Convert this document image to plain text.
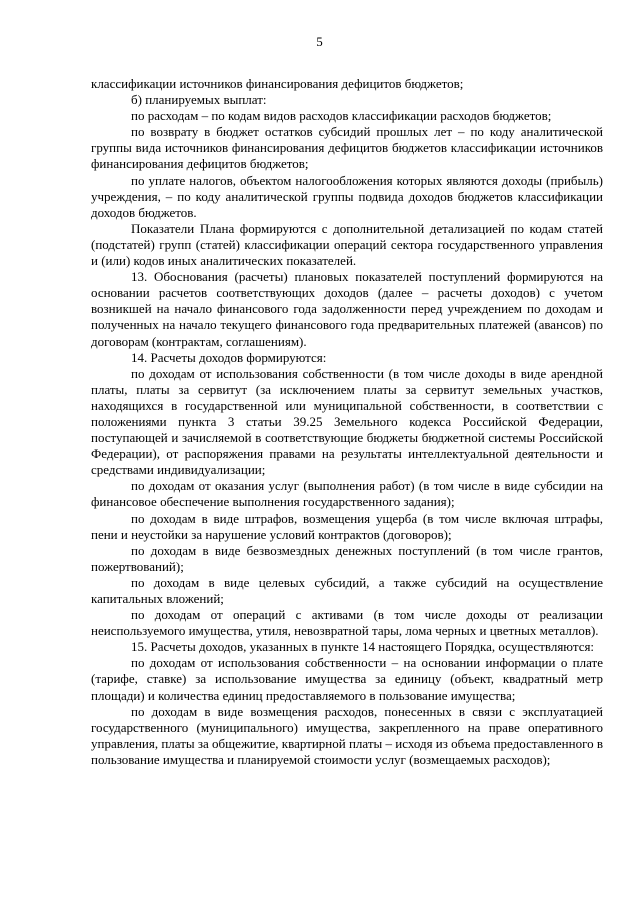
5

классификации источников финансирования дефицитов бюджетов;

б) планируемых выплат:

по расходам – по кодам видов расходов классификации расходов бюджетов;

по возврату в бюджет остатков субсидий прошлых лет – по коду аналитической группы вида источников финансирования дефицитов бюджетов классификации источников финансирования дефицитов бюджетов;

по уплате налогов, объектом налогообложения которых являются доходы (прибыль) учреждения, – по коду аналитической группы подвида доходов бюджетов классификации доходов бюджетов.

Показатели Плана формируются с дополнительной детализацией по кодам статей (подстатей) групп (статей) классификации операций сектора государственного управления и (или) кодов иных аналитических показателей.

13. Обоснования (расчеты) плановых показателей поступлений формируются на основании расчетов соответствующих доходов (далее – расчеты доходов) с учетом возникшей на начало финансового года задолженности перед учреждением по доходам и полученных на начало текущего финансового года предварительных платежей (авансов) по договорам (контрактам, соглашениям).

14. Расчеты доходов формируются:

по доходам от использования собственности (в том числе доходы в виде арендной платы, платы за сервитут (за исключением платы за сервитут земельных участков, находящихся в государственной или муниципальной собственности, в соответствии с положениями пункта 3 статьи 39.25 Земельного кодекса Российской Федерации, поступающей и зачисляемой в соответствующие бюджеты бюджетной системы Российской Федерации), от распоряжения правами на результаты интеллектуальной деятельности и средствами индивидуализации;

по доходам от оказания услуг (выполнения работ) (в том числе в виде субсидии на финансовое обеспечение выполнения государственного задания);

по доходам в виде штрафов, возмещения ущерба (в том числе включая штрафы, пени и неустойки за нарушение условий контрактов (договоров);

по доходам в виде безвозмездных денежных поступлений (в том числе грантов, пожертвований);

по доходам в виде целевых субсидий, а также субсидий на осуществление капитальных вложений;

по доходам от операций с активами (в том числе доходы от реализации неиспользуемого имущества, утиля, невозвратной тары, лома черных и цветных металлов).

15. Расчеты доходов, указанных в пункте 14 настоящего Порядка, осуществляются:

по доходам от использования собственности – на основании информации о плате (тарифе, ставке) за использование имущества за единицу (объект, квадратный метр площади) и количества единиц предоставляемого в пользование имущества;

по доходам в виде возмещения расходов, понесенных в связи с эксплуатацией государственного (муниципального) имущества, закрепленного на праве оперативного управления, платы за общежитие, квартирной платы – исходя из объема предоставленного в пользование имущества и планируемой стоимости услуг (возмещаемых расходов);
